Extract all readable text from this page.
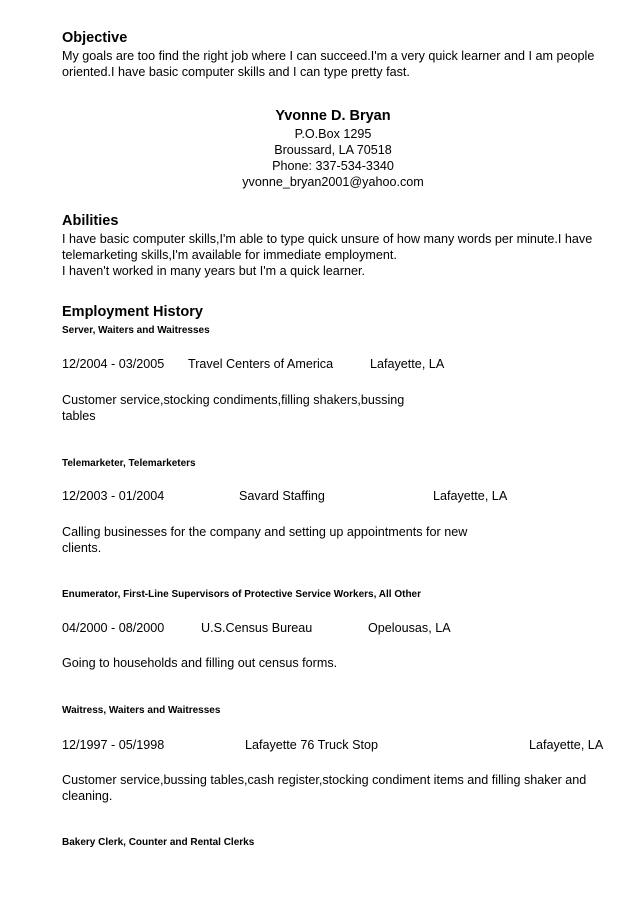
Objective

My goals are too find the right job where I can succeed.I'm a very quick learner and I am people
oriented.I have basic computer skills and I can type pretty fast.

Yvonne D. Bryan
P.O.Box 1295
Broussard, LA 70518
Phone: 337-534-3340
yvonne_bryan2001@yahoo.com
Abilities

I have basic computer skills,I'm able to type quick unsure of how many words per minute.I have
telemarketing skills,I'm available for immediate employment.
I haven't worked in many years but I'm a quick learner.

Employment History

Server, Waiters and Waitresses

12/2004 - 03/2005 Travel Centers of America	Lafayette, LA

Customer service,stocking condiments,filling shakers,bussing
tables

Telemarketer, Telemarketers

12/2003 - 01/2004	Savard Staffing	Lafayette, LA

Calling businesses for the company and setting up appointments for new
clients.

Enumerator, First-Line Supervisors of Protective Service Workers, All Other

04/2000 - 08/2000	U.S.Census Bureau	Opelousas, LA

Going to households and filling out census forms.

Waitress, Waiters and Waitresses

12/1997 - 05/1998	Lafayette 76 Truck Stop	Lafayette, LA

Customer service,bussing tables,cash register,stocking condiment items and filling shaker and
cleaning.

Bakery Clerk, Counter and Rental Clerks
